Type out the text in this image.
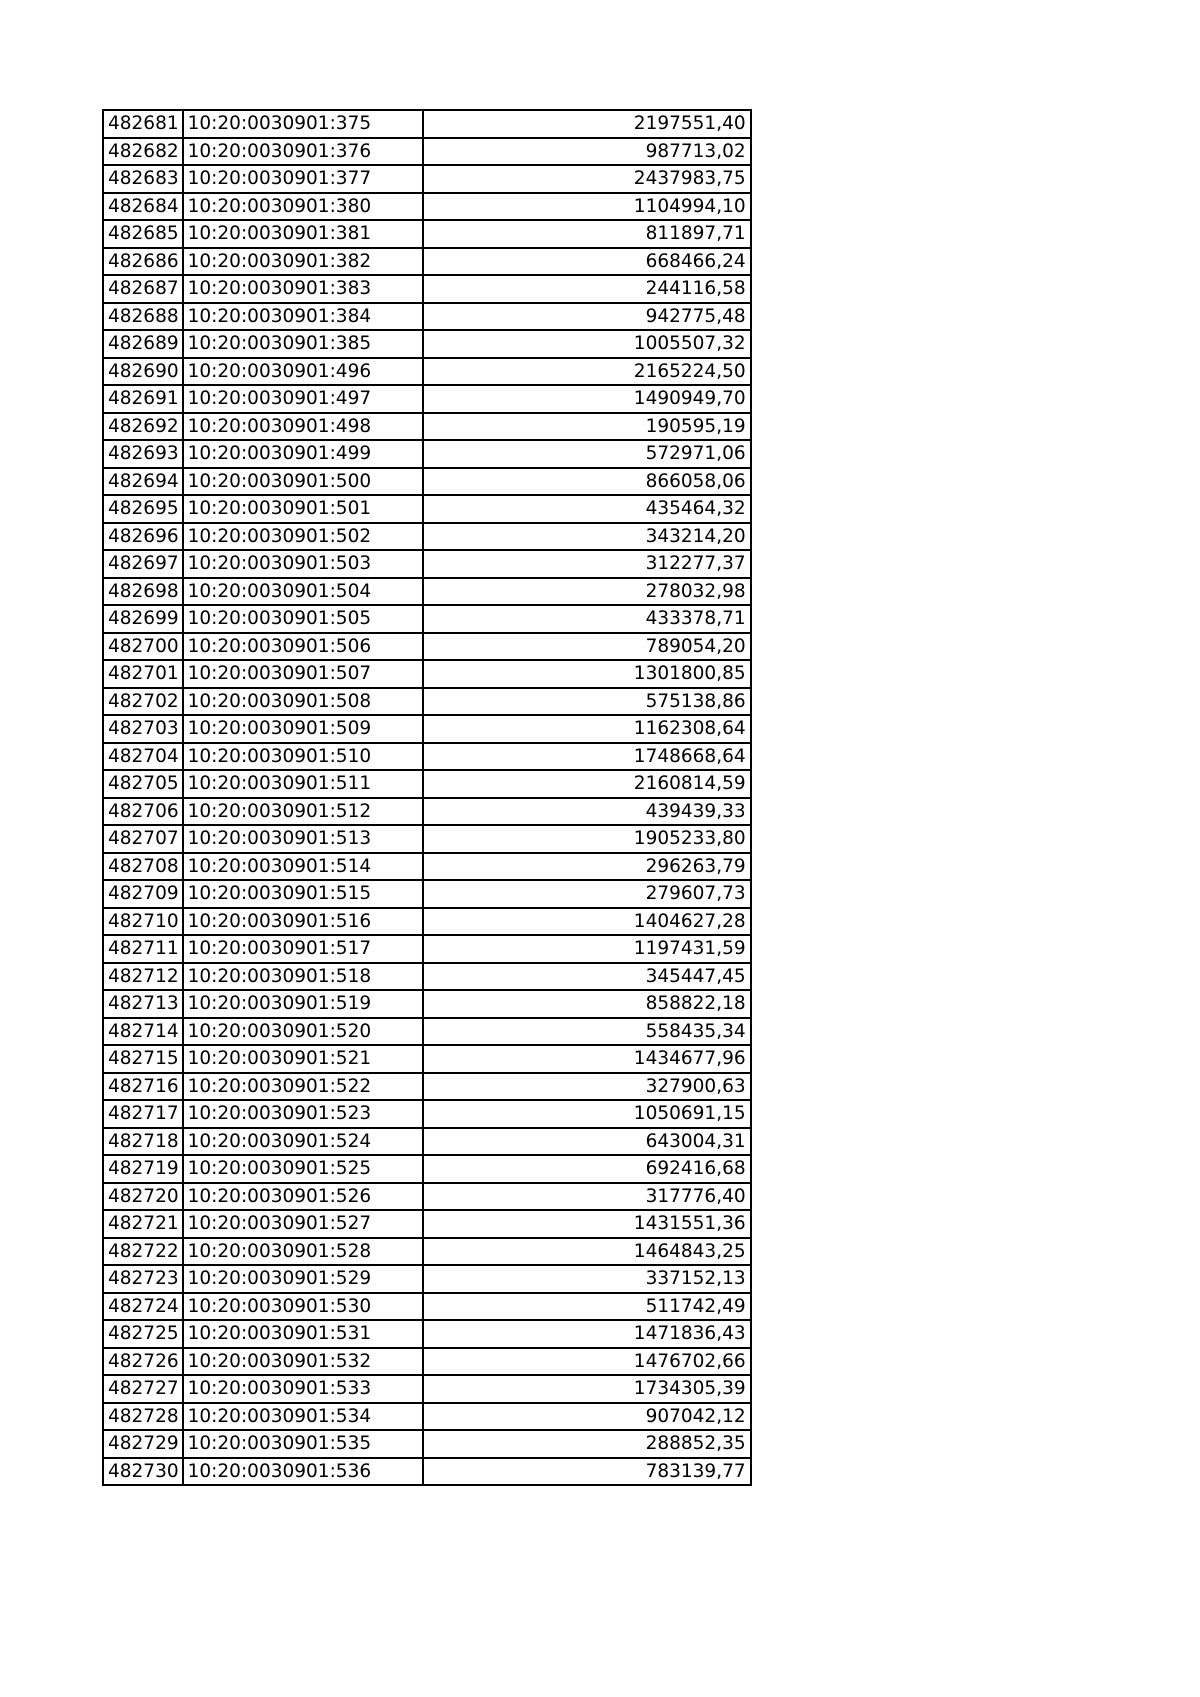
482681	10:20:0030901:375	2197551,40
482682	10:20:0030901:376	987713,02
482683	10:20:0030901:377	2437983,75
482684	10:20:0030901:380	1104994,10
482685	10:20:0030901:381	811897,71
482686	10:20:0030901:382	668466,24
482687	10:20:0030901:383	244116,58
482688	10:20:0030901:384	942775,48
482689	10:20:0030901:385	1005507,32
482690	10:20:0030901:496	2165224,50
482691	10:20:0030901:497	1490949,70
482692	10:20:0030901:498	190595,19
482693	10:20:0030901:499	572971,06
482694	10:20:0030901:500	866058,06
482695	10:20:0030901:501	435464,32
482696	10:20:0030901:502	343214,20
482697	10:20:0030901:503	312277,37
482698	10:20:0030901:504	278032,98
482699	10:20:0030901:505	433378,71
482700	10:20:0030901:506	789054,20
482701	10:20:0030901:507	1301800,85
482702	10:20:0030901:508	575138,86
482703	10:20:0030901:509	1162308,64
482704	10:20:0030901:510	1748668,64
482705	10:20:0030901:511	2160814,59
482706	10:20:0030901:512	439439,33
482707	10:20:0030901:513	1905233,80
482708	10:20:0030901:514	296263,79
482709	10:20:0030901:515	279607,73
482710	10:20:0030901:516	1404627,28
482711	10:20:0030901:517	1197431,59
482712	10:20:0030901:518	345447,45
482713	10:20:0030901:519	858822,18
482714	10:20:0030901:520	558435,34
482715	10:20:0030901:521	1434677,96
482716	10:20:0030901:522	327900,63
482717	10:20:0030901:523	1050691,15
482718	10:20:0030901:524	643004,31
482719	10:20:0030901:525	692416,68
482720	10:20:0030901:526	317776,40
482721	10:20:0030901:527	1431551,36
482722	10:20:0030901:528	1464843,25
482723	10:20:0030901:529	337152,13
482724	10:20:0030901:530	511742,49
482725	10:20:0030901:531	1471836,43
482726	10:20:0030901:532	1476702,66
482727	10:20:0030901:533	1734305,39
482728	10:20:0030901:534	907042,12
482729	10:20:0030901:535	288852,35
482730	10:20:0030901:536	783139,77
